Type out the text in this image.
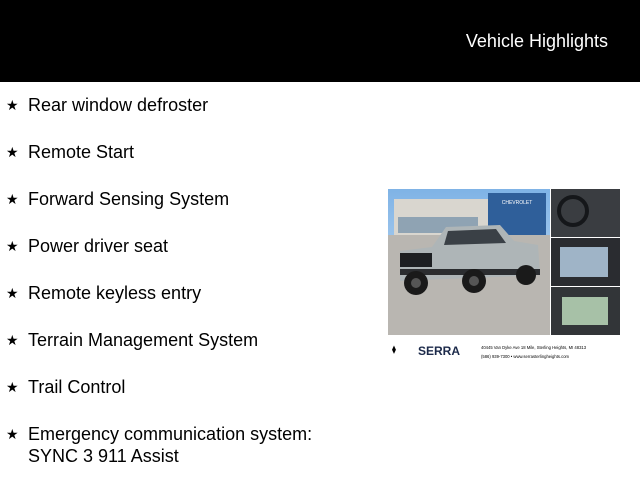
Vehicle Highlights
★ Rear window defroster
★ Remote Start
★ Forward Sensing System
★ Power driver seat
★ Remote keyless entry
★ Terrain Management System
★ Trail Control
★ Emergency communication system:
SYNC 3 911 Assist
CHEVROLET
⧫ SERRA	40445 Van Dyke Ave 18 Mile, Sterling Heights, MI 48313
(586) 939-7300 • www.serrasterlingheights.com
